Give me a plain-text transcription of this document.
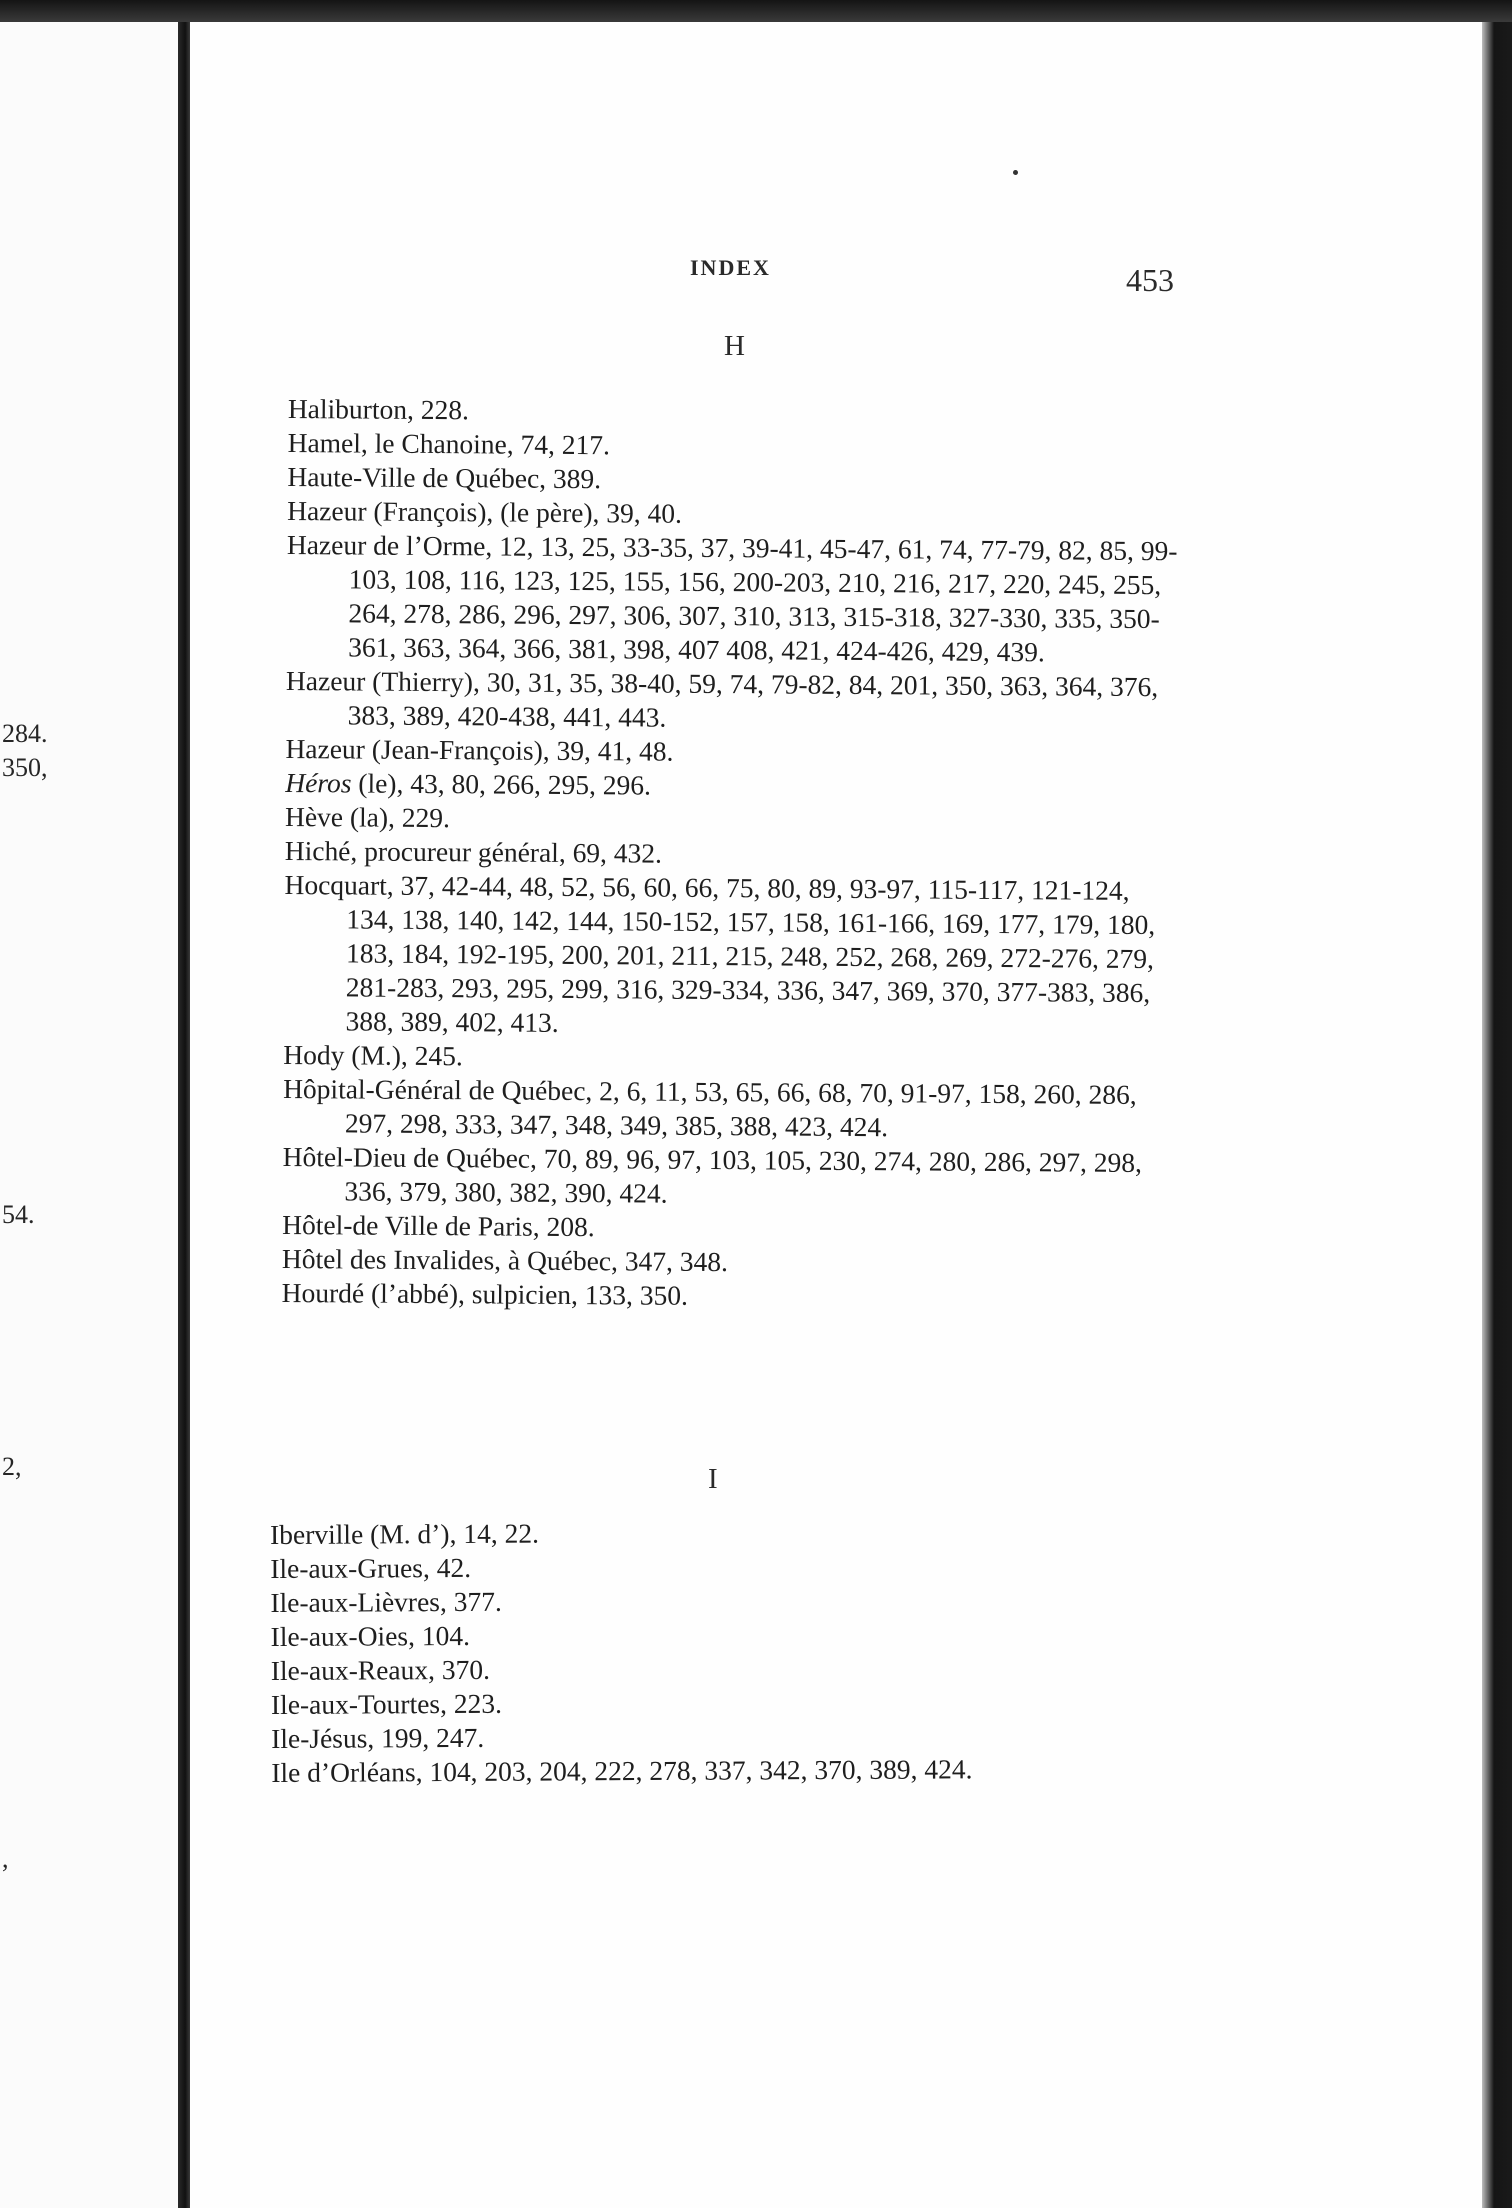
284.
350,
54.
2,
,
INDEX	453
H
Haliburton, 228.
Hamel, le Chanoine, 74, 217.
Haute-Ville de Québec, 389.
Hazeur (François), (le père), 39, 40.
Hazeur de l’Orme, 12, 13, 25, 33-35, 37, 39-41, 45-47, 61, 74, 77-79, 82, 85, 99-103, 108, 116, 123, 125, 155, 156, 200-203, 210, 216, 217, 220, 245, 255, 264, 278, 286, 296, 297, 306, 307, 310, 313, 315-318, 327-330, 335, 350-361, 363, 364, 366, 381, 398, 407 408, 421, 424-426, 429, 439.
Hazeur (Thierry), 30, 31, 35, 38-40, 59, 74, 79-82, 84, 201, 350, 363, 364, 376, 383, 389, 420-438, 441, 443.
Hazeur (Jean-François), 39, 41, 48.
Héros (le), 43, 80, 266, 295, 296.
Hève (la), 229.
Hiché, procureur général, 69, 432.
Hocquart, 37, 42-44, 48, 52, 56, 60, 66, 75, 80, 89, 93-97, 115-117, 121-124, 134, 138, 140, 142, 144, 150-152, 157, 158, 161-166, 169, 177, 179, 180, 183, 184, 192-195, 200, 201, 211, 215, 248, 252, 268, 269, 272-276, 279, 281-283, 293, 295, 299, 316, 329-334, 336, 347, 369, 370, 377-383, 386, 388, 389, 402, 413.
Hody (M.), 245.
Hôpital-Général de Québec, 2, 6, 11, 53, 65, 66, 68, 70, 91-97, 158, 260, 286, 297, 298, 333, 347, 348, 349, 385, 388, 423, 424.
Hôtel-Dieu de Québec, 70, 89, 96, 97, 103, 105, 230, 274, 280, 286, 297, 298, 336, 379, 380, 382, 390, 424.
Hôtel-de Ville de Paris, 208.
Hôtel des Invalides, à Québec, 347, 348.
Hourdé (l’abbé), sulpicien, 133, 350.
I
Iberville (M. d’), 14, 22.
Ile-aux-Grues, 42.
Ile-aux-Lièvres, 377.
Ile-aux-Oies, 104.
Ile-aux-Reaux, 370.
Ile-aux-Tourtes, 223.
Ile-Jésus, 199, 247.
Ile d’Orléans, 104, 203, 204, 222, 278, 337, 342, 370, 389, 424.
